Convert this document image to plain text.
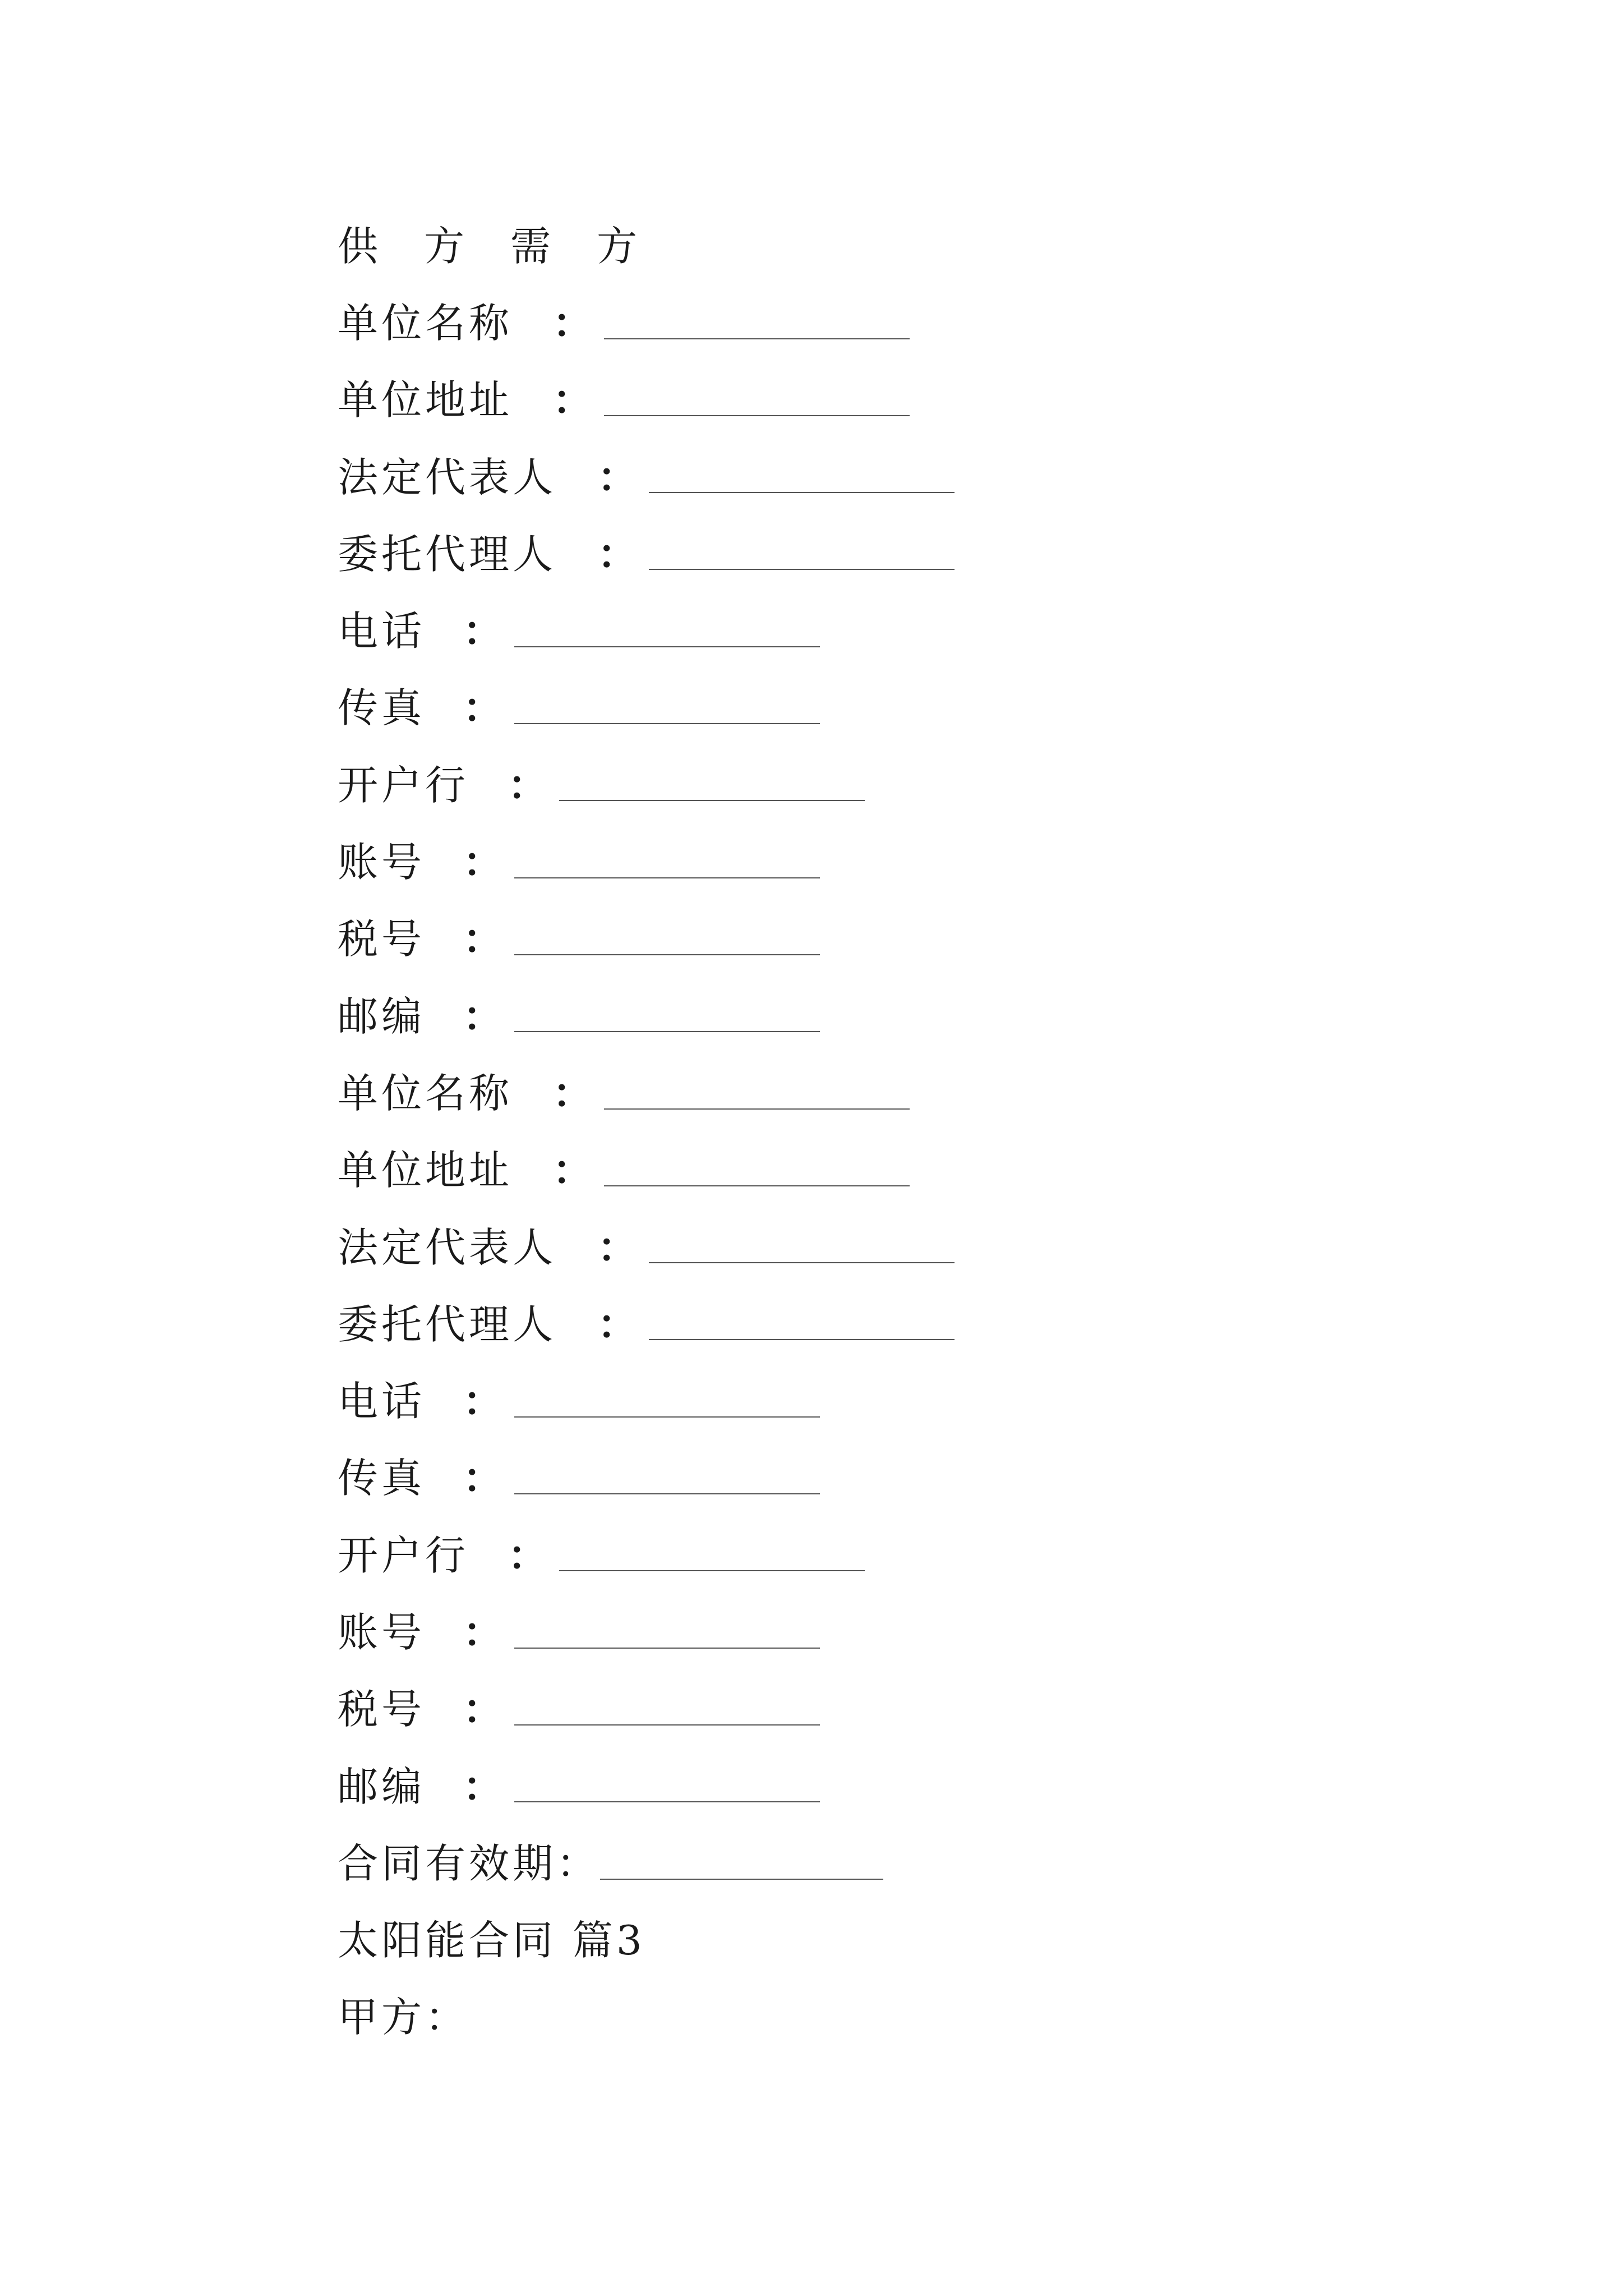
供 方 需 方
单位名称 ：
单位地址 ：
法定代表人	：
委托代理人	：
电话 ：
传真 ：
开户行 ：
账号 ：
税号 ：
邮编 ：
单位名称 ：
单位地址 ：
法定代表人	：
委托代理人	：
电话 ：
传真 ：
开户行 ：
账号 ：
税号 ：
邮编 ：
合同有效期：
太阳能合同 篇3
甲方：
